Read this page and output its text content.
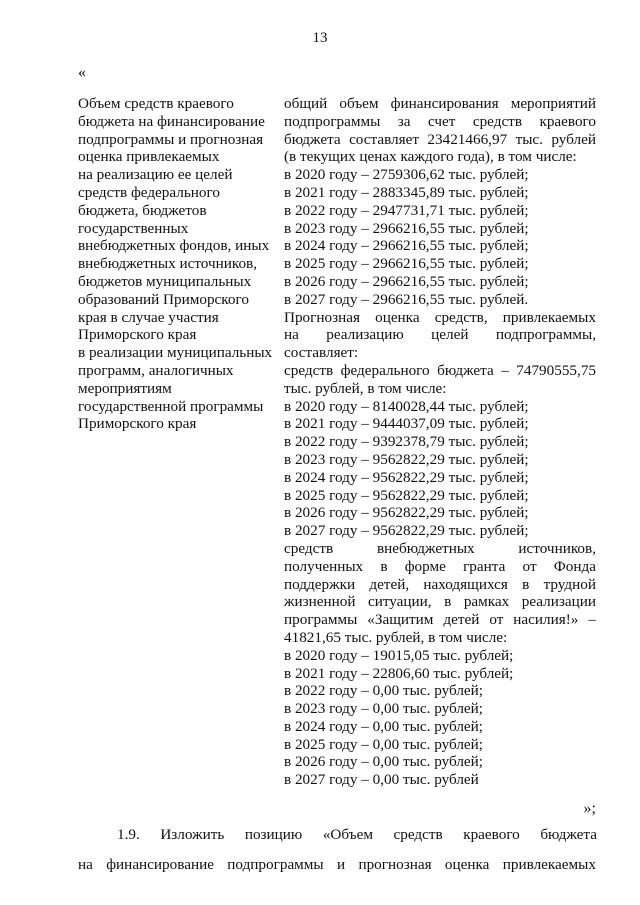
13
«
Объем средств краевого
бюджета на финансирование
подпрограммы и прогнозная
оценка привлекаемых
на реализацию ее целей
средств федерального
бюджета, бюджетов
государственных
внебюджетных фондов, иных
внебюджетных источников,
бюджетов муниципальных
образований Приморского
края в случае участия
Приморского края
в реализации муниципальных
программ, аналогичных
мероприятиям
государственной программы
Приморского края
общий объем финансирования мероприятий
подпрограммы за счет средств краевого
бюджета составляет 23421466,97 тыс. рублей
(в текущих ценах каждого года), в том числе:
в 2020 году – 2759306,62 тыс. рублей;
в 2021 году – 2883345,89 тыс. рублей;
в 2022 году – 2947731,71 тыс. рублей;
в 2023 году – 2966216,55 тыс. рублей;
в 2024 году – 2966216,55 тыс. рублей;
в 2025 году – 2966216,55 тыс. рублей;
в 2026 году – 2966216,55 тыс. рублей;
в 2027 году – 2966216,55 тыс. рублей.
Прогнозная оценка средств, привлекаемых
на реализацию целей подпрограммы,
составляет:
средств федерального бюджета – 74790555,75
тыс. рублей, в том числе:
в 2020 году – 8140028,44 тыс. рублей;
в 2021 году – 9444037,09 тыс. рублей;
в 2022 году – 9392378,79 тыс. рублей;
в 2023 году – 9562822,29 тыс. рублей;
в 2024 году – 9562822,29 тыс. рублей;
в 2025 году – 9562822,29 тыс. рублей;
в 2026 году – 9562822,29 тыс. рублей;
в 2027 году – 9562822,29 тыс. рублей;
средств	внебюджетных	источников,
полученных в форме гранта от Фонда
поддержки детей, находящихся в трудной
жизненной ситуации, в рамках реализации
программы «Защитим детей от насилия!» –
41821,65 тыс. рублей, в том числе:
в 2020 году – 19015,05 тыс. рублей;
в 2021 году – 22806,60 тыс. рублей;
в 2022 году – 0,00 тыс. рублей;
в 2023 году – 0,00 тыс. рублей;
в 2024 году – 0,00 тыс. рублей;
в 2025 году – 0,00 тыс. рублей;
в 2026 году – 0,00 тыс. рублей;
в 2027 году – 0,00 тыс. рублей
»;
1.9. Изложить позицию «Объем средств краевого бюджета
на финансирование подпрограммы и прогнозная оценка привлекаемых
